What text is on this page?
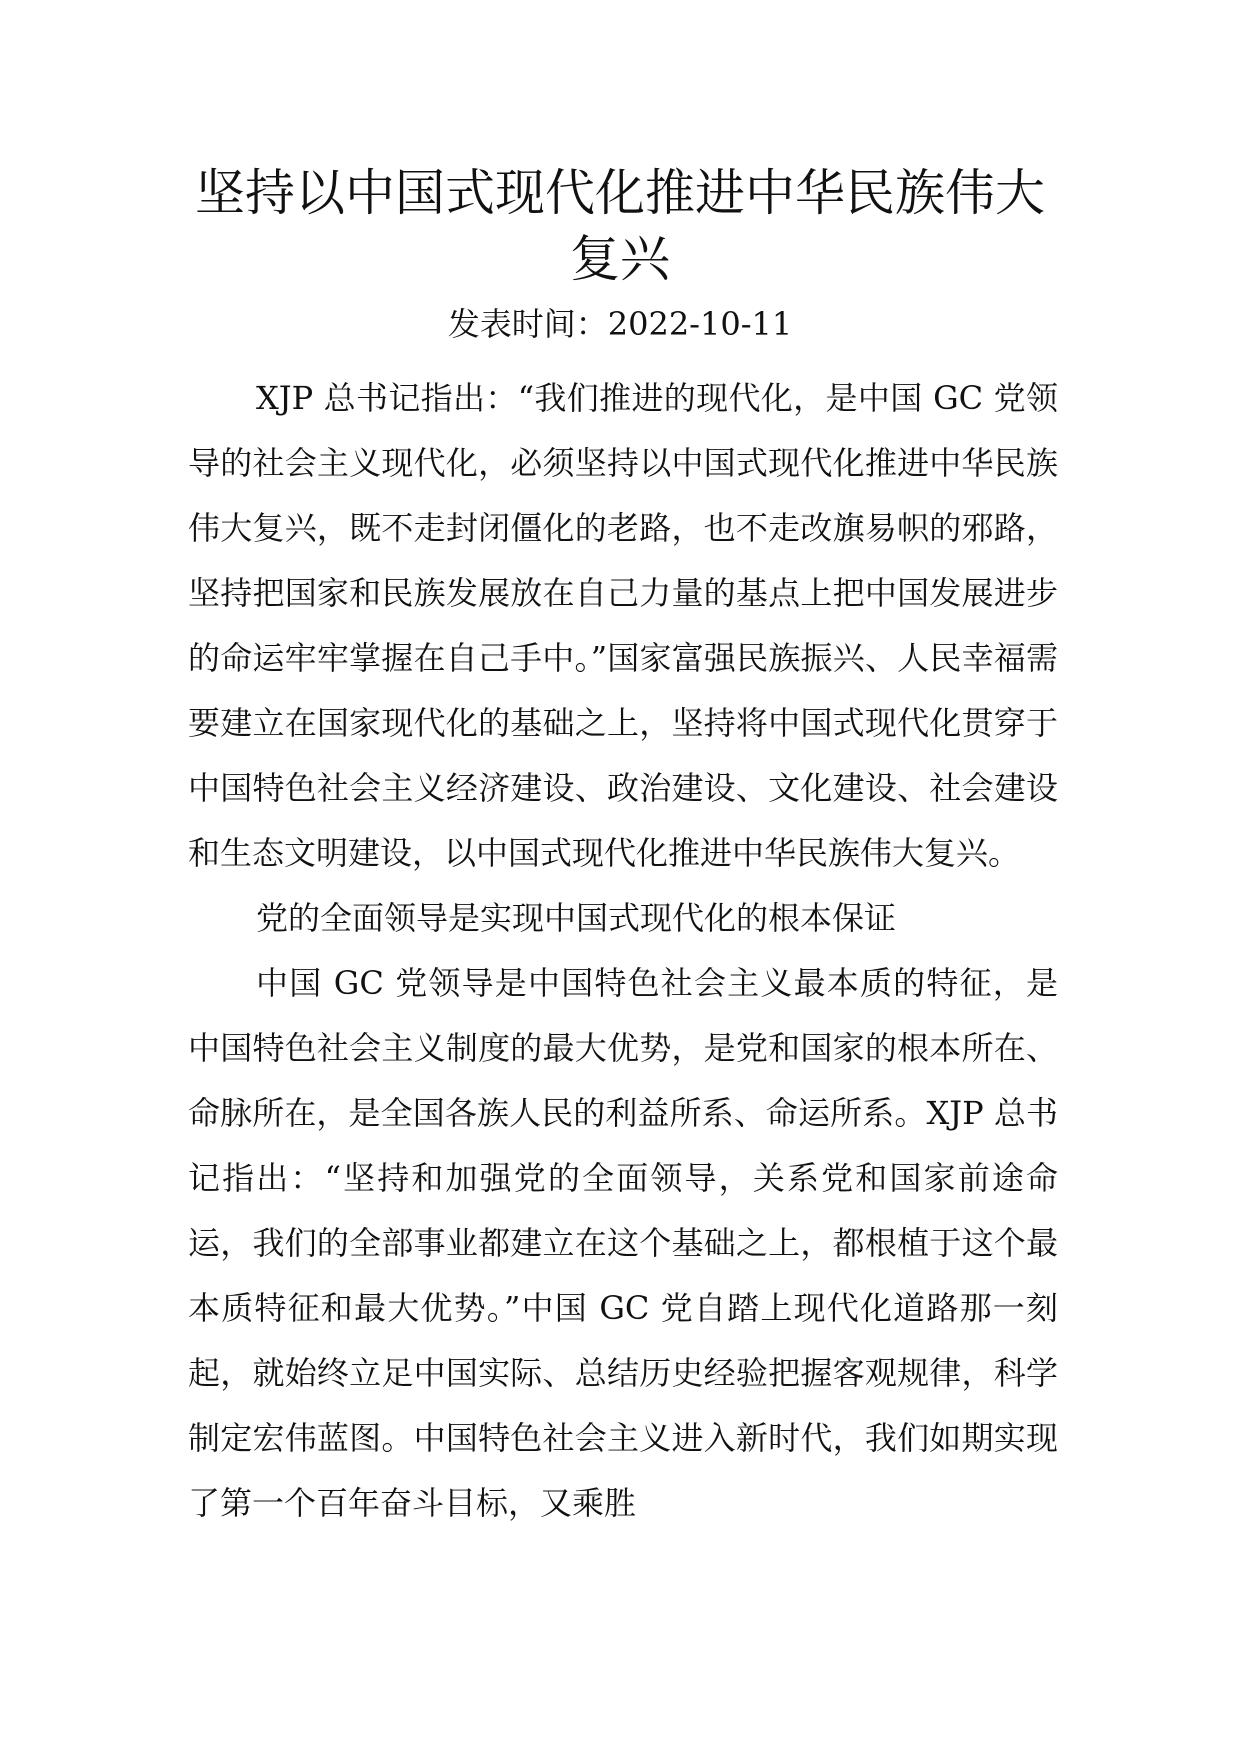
坚持以中国式现代化推进中华民族伟大复兴
发表时间：2022-10-11

XJP 总书记指出：“我们推进的现代化，是中国 GC 党领导的社会主义现代化，必须坚持以中国式现代化推进中华民族伟大复兴，既不走封闭僵化的老路，也不走改旗易帜的邪路，坚持把国家和民族发展放在自己力量的基点上把中国发展进步的命运牢牢掌握在自己手中。”国家富强民族振兴、人民幸福需要建立在国家现代化的基础之上，坚持将中国式现代化贯穿于中国特色社会主义经济建设、政治建设、文化建设、社会建设和生态文明建设，以中国式现代化推进中华民族伟大复兴。

党的全面领导是实现中国式现代化的根本保证

中国 GC 党领导是中国特色社会主义最本质的特征，是中国特色社会主义制度的最大优势，是党和国家的根本所在、命脉所在，是全国各族人民的利益所系、命运所系。XJP 总书记指出：“坚持和加强党的全面领导，关系党和国家前途命运，我们的全部事业都建立在这个基础之上，都根植于这个最本质特征和最大优势。”中国 GC 党自踏上现代化道路那一刻起，就始终立足中国实际、总结历史经验把握客观规律，科学制定宏伟蓝图。中国特色社会主义进入新时代，我们如期实现了第一个百年奋斗目标，又乘胜
